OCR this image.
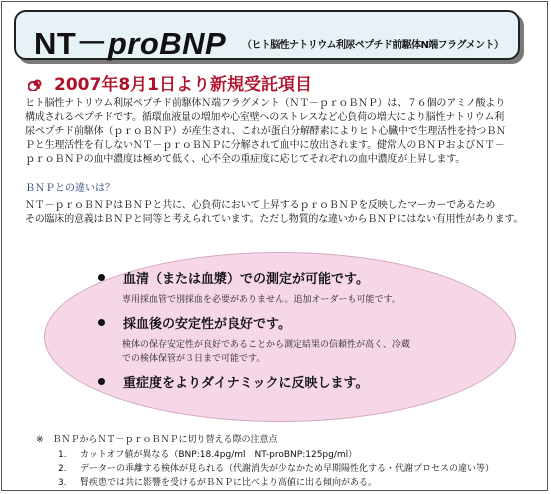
NT－proBNP （ヒト脳性ナトリウム利尿ペプチド前駆体N端フラグメント）
2007年8月1日より新規受託項目
ヒト脳性ナトリウム利尿ペプチド前駆体Ｎ端フラグメント（ＮＴ－ｐｒｏＢＮＰ）は、７６個のアミノ酸より
構成されるペプチドです。循環血液量の増加や心室壁へのストレスなど心負荷の増大により脳性ナトリウム利
尿ペプチド前駆体（ｐｒｏＢＮＰ）が産生され、これが蛋白分解酵素によりヒト心臓中で生理活性を持つＢＮ
Ｐと生理活性を有しないＮＴ－ｐｒｏＢＮＰに分解されて血中に放出されます。健常人のＢＮＰおよびＮＴ－
ｐｒｏＢＮＰの血中濃度は極めて低く、心不全の重症度に応じてそれぞれの血中濃度が上昇します。
ＢＮＰとの違いは？
ＮＴ－ｐｒｏＢＮＰはＢＮＰと共に、心負荷において上昇するｐｒｏＢＮＰを反映したマーカーであるため
その臨床的意義はＢＮＰと同等と考えられています。ただし物質的な違いからＢＮＰにはない有用性があります。
血清（または血漿）での測定が可能です。
専用採血管で別採血を必要がありません。追加オーダーも可能です。
採血後の安定性が良好です。
検体の保存安定性が良好であることから測定結果の信頼性が高く、冷蔵
での検体保管が３日まで可能です。
重症度をよりダイナミックに反映します。
※　ＢＮＰからＮＴ－ｐｒｏＢＮＰに切り替える際の注意点
1. カットオフ値が異なる（BNP:18.4pg/ml　NT-proBNP:125pg/ml）
2. データーの乖離する検体が見られる（代謝消失が少なかため早期陽性化する・代謝プロセスの違い等）
3. 腎疾患では共に影響を受けるがＢＮＰに比べより高値に出る傾向がある。
